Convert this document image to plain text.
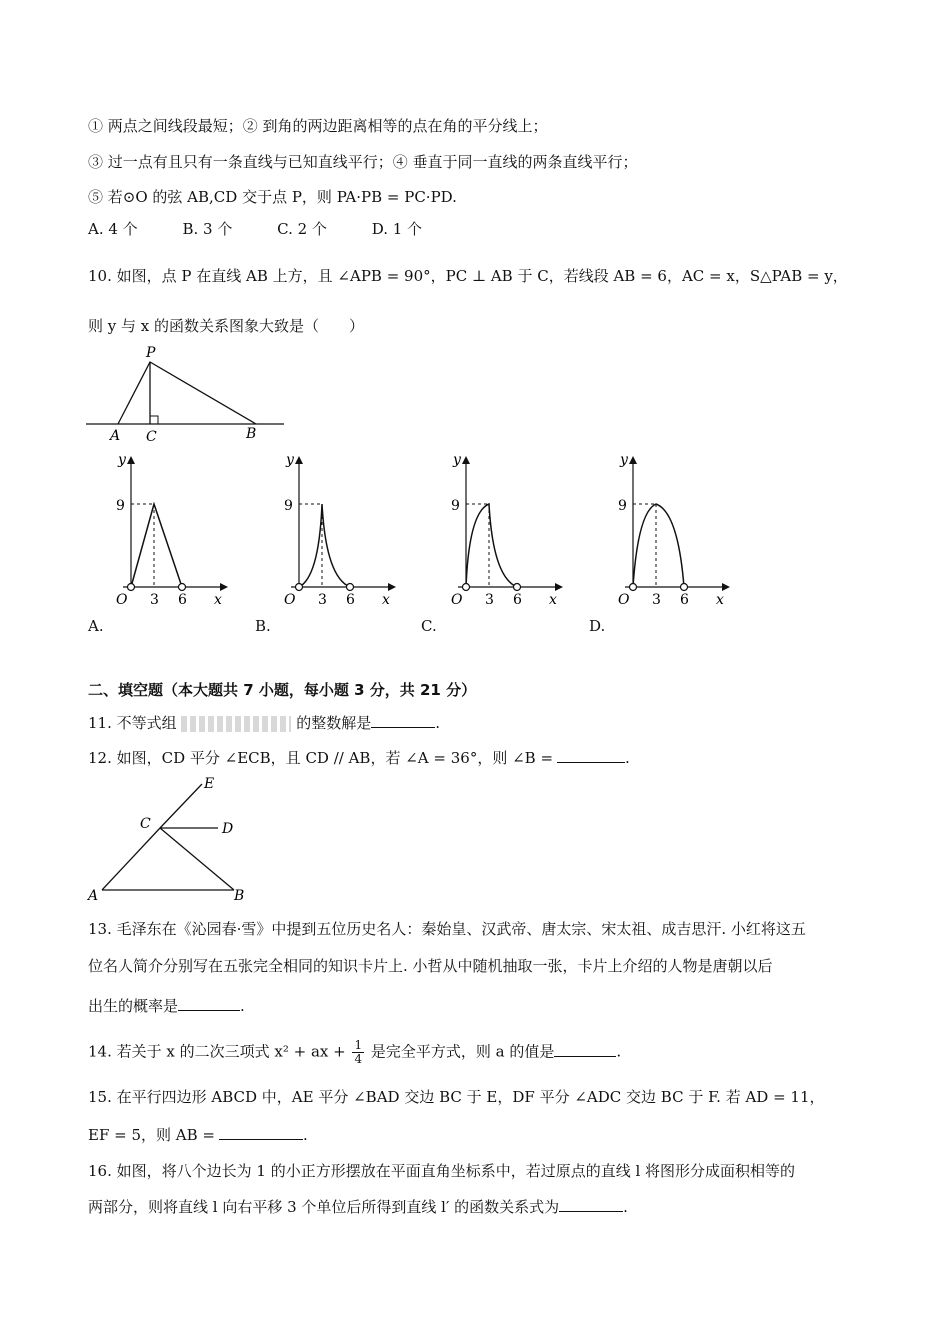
① 两点之间线段最短；② 到角的两边距离相等的点在角的平分线上；
③ 过一点有且只有一条直线与已知直线平行；④ 垂直于同一直线的两条直线平行；
⑤ 若⊙O 的弦 AB,CD 交于点 P，则 PA·PB = PC·PD.
A. 4 个	B. 3 个	C. 2 个	D. 1 个
10. 如图，点 P 在直线 AB 上方，且 ∠APB = 90°，PC ⊥ AB 于 C，若线段 AB = 6，AC = x，S△PAB = y，
则 y 与 x 的函数关系图象大致是（　　）
P
A C	B
y
9
O 3 6 x
y
9
O 3 6 x
y
9
O 3 6 x
y
9
O 3 6 x
A.	B.	C.	D.
二、填空题（本大题共 7 小题，每小题 3 分，共 21 分）
11. 不等式组	的整数解是	.
12. 如图，CD 平分 ∠ECB，且 CD // AB，若 ∠A = 36°，则 ∠B =	.
E
C	D
A	B
13. 毛泽东在《沁园春·雪》中提到五位历史名人：秦始皇、汉武帝、唐太宗、宋太祖、成吉思汗. 小红将这五
位名人简介分别写在五张完全相同的知识卡片上. 小哲从中随机抽取一张，卡片上介绍的人物是唐朝以后
出生的概率是	.
14. 若关于 x 的二次三项式 x² + ax + $\frac{1}{4}$ 是完全平方式，则 a 的值是	.
15. 在平行四边形 ABCD 中，AE 平分 ∠BAD 交边 BC 于 E，DF 平分 ∠ADC 交边 BC 于 F. 若 AD = 11，
EF = 5，则 AB =	.
16. 如图，将八个边长为 1 的小正方形摆放在平面直角坐标系中，若过原点的直线 l 将图形分成面积相等的
两部分，则将直线 l 向右平移 3 个单位后所得到直线 l′ 的函数关系式为	.
